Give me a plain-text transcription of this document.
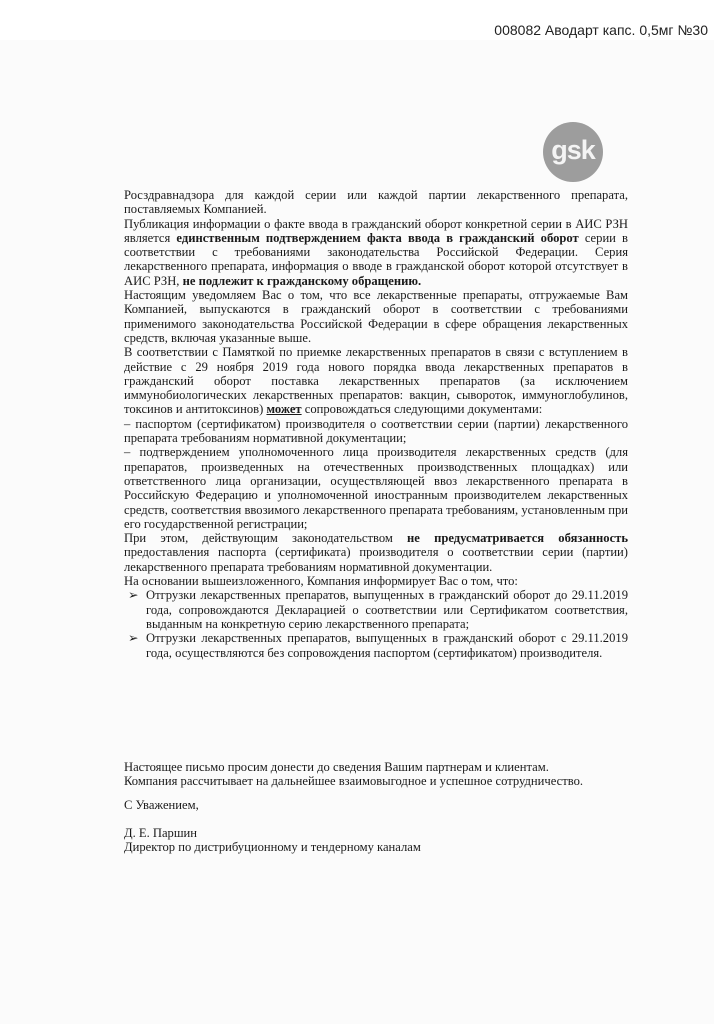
008082 Аводарт капс. 0,5мг №30
gsk

Росздравнадзора для каждой серии или каждой партии лекарственного препарата, поставляемых Компанией.

Публикация информации о факте ввода в гражданский оборот конкретной серии в АИС РЗН является единственным подтверждением факта ввода в гражданский оборот серии в соответствии с требованиями законодательства Российской Федерации. Серия лекарственного препарата, информация о вводе в гражданской оборот которой отсутствует в АИС РЗН, не подлежит к гражданскому обращению.

Настоящим уведомляем Вас о том, что все лекарственные препараты, отгружаемые Вам Компанией, выпускаются в гражданский оборот в соответствии с требованиями применимого законодательства Российской Федерации в сфере обращения лекарственных средств, включая указанные выше.

В соответствии с Памяткой по приемке лекарственных препаратов в связи с вступлением в действие с 29 ноября 2019 года нового порядка ввода лекарственных препаратов в гражданский оборот поставка лекарственных препаратов (за исключением иммунобиологических лекарственных препаратов: вакцин, сывороток, иммуноглобулинов, токсинов и антитоксинов) может сопровождаться следующими документами:

– паспортом (сертификатом) производителя о соответствии серии (партии) лекарственного препарата требованиям нормативной документации;

– подтверждением уполномоченного лица производителя лекарственных средств (для препаратов, произведенных на отечественных производственных площадках) или ответственного лица организации, осуществляющей ввоз лекарственного препарата в Российскую Федерацию и уполномоченной иностранным производителем лекарственных средств, соответствия ввозимого лекарственного препарата требованиям, установленным при его государственной регистрации;

При этом, действующим законодательством не предусматривается обязанность предоставления паспорта (сертификата) производителя о соответствии серии (партии) лекарственного препарата требованиям нормативной документации.

На основании вышеизложенного, Компания информирует Вас о том, что:

➢ Отгрузки лекарственных препаратов, выпущенных в гражданский оборот до 29.11.2019 года, сопровождаются Декларацией о соответствии или Сертификатом соответствия, выданным на конкретную серию лекарственного препарата;
➢ Отгрузки лекарственных препаратов, выпущенных в гражданский оборот с 29.11.2019 года, осуществляются без сопровождения паспортом (сертификатом) производителя.

Настоящее письмо просим донести до сведения Вашим партнерам и клиентам.

Компания рассчитывает на дальнейшее взаимовыгодное и успешное сотрудничество.

С Уважением,

Д. Е. Паршин

Директор по дистрибуционному и тендерному каналам
